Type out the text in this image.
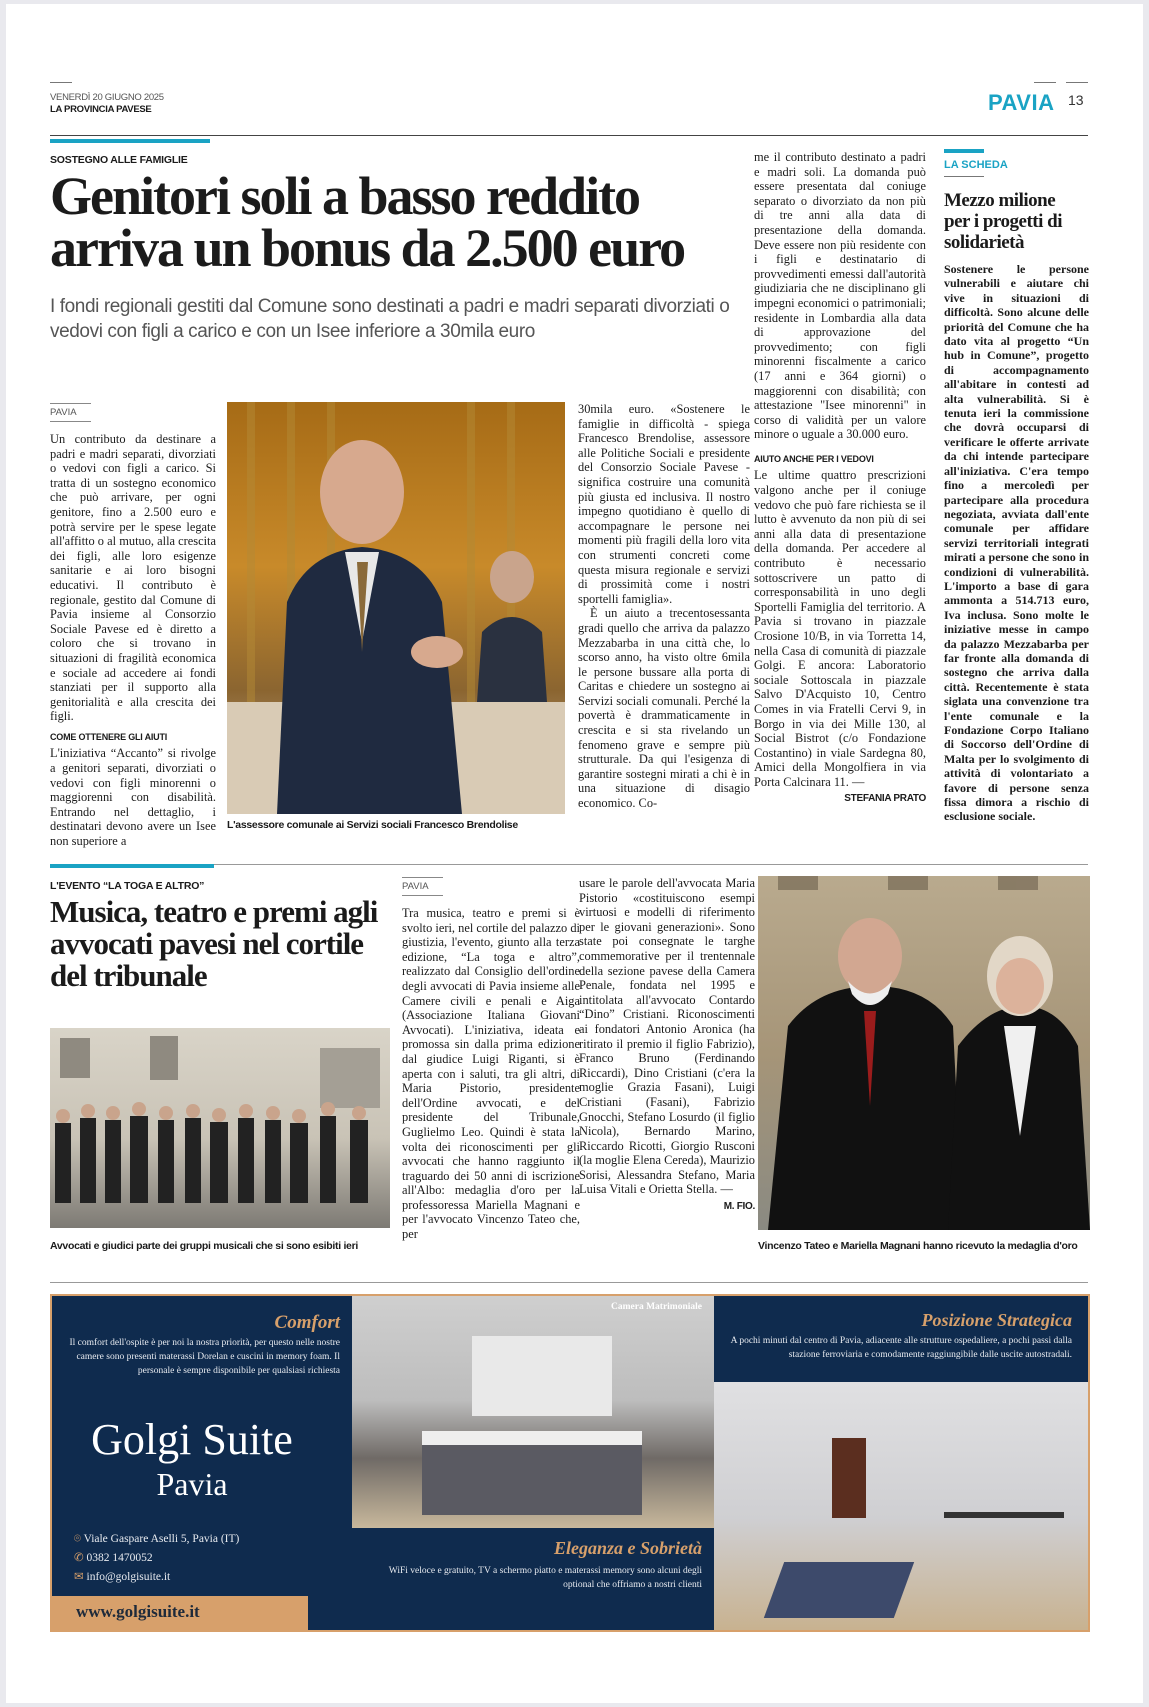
VENERDÌ 20 GIUGNO 2025
LA PROVINCIA PAVESE	PAVIA 13
SOSTEGNO ALLE FAMIGLIE
Genitori soli a basso reddito
arriva un bonus da 2.500 euro
I fondi regionali gestiti dal Comune sono destinati a padri e madri separati divorziati o vedovi con figli a carico e con un Isee inferiore a 30mila euro
PAVIA

Un contributo da destinare a padri e madri separati, divorziati o vedovi con figli a carico. Si tratta di un sostegno economico che può arrivare, per ogni genitore, fino a 2.500 euro e potrà servire per le spese legate all'affitto o al mutuo, alla crescita dei figli, alle loro esigenze sanitarie e ai loro bisogni educativi. Il contributo è regionale, gestito dal Comune di Pavia insieme al Consorzio Sociale Pavese ed è diretto a coloro che si trovano in situazioni di fragilità economica e sociale ad accedere ai fondi stanziati per il supporto alla genitorialità e alla crescita dei figli.

COME OTTENERE GLI AIUTI

L'iniziativa “Accanto” si rivolge a genitori separati, divorziati o vedovi con figli minorenni o maggiorenni con disabilità. Entrando nel dettaglio, i destinatari devono avere un Isee non superiore a

L'assessore comunale ai Servizi sociali Francesco Brendolise

30mila euro. «Sostenere le famiglie in difficoltà - spiega Francesco Brendolise, assessore alle Politiche Sociali e presidente del Consorzio Sociale Pavese - significa costruire una comunità più giusta ed inclusiva. Il nostro impegno quotidiano è quello di accompagnare le persone nei momenti più fragili della loro vita con strumenti concreti come questa misura regionale e servizi di prossimità come i nostri sportelli famiglia».

È un aiuto a trecentosessanta gradi quello che arriva da palazzo Mezzabarba in una città che, lo scorso anno, ha visto oltre 6mila le persone bussare alla porta di Caritas e chiedere un sostegno ai Servizi sociali comunali. Perché la povertà è drammaticamente in crescita e si sta rivelando un fenomeno grave e sempre più strutturale. Da qui l'esigenza di garantire sostegni mirati a chi è in una situazione di disagio economico. Co-

me il contributo destinato a padri e madri soli. La domanda può essere presentata dal coniuge separato o divorziato da non più di tre anni alla data di presentazione della domanda. Deve essere non più residente con i figli e destinatario di provvedimenti emessi dall'autorità giudiziaria che ne disciplinano gli impegni economici o patrimoniali; residente in Lombardia alla data di approvazione del provvedimento; con figli minorenni fiscalmente a carico (17 anni e 364 giorni) o maggiorenni con disabilità; con attestazione "Isee minorenni" in corso di validità per un valore minore o uguale a 30.000 euro.

AIUTO ANCHE PER I VEDOVI

Le ultime quattro prescrizioni valgono anche per il coniuge vedovo che può fare richiesta se il lutto è avvenuto da non più di sei anni alla data di presentazione della domanda. Per accedere al contributo è necessario sottoscrivere un patto di corresponsabilità in uno degli Sportelli Famiglia del territorio. A Pavia si trovano in piazzale Crosione 10/B, in via Torretta 14, nella Casa di comunità di piazzale Golgi. E ancora: Laboratorio sociale Sottoscala in piazzale Salvo D'Acquisto 10, Centro Comes in via Fratelli Cervi 9, in Borgo in via dei Mille 130, al Social Bistrot (c/o Fondazione Costantino) in viale Sardegna 80, Amici della Mongolfiera in via Porta Calcinara 11. —

STEFANIA PRATO
LA SCHEDA
Mezzo milione per i progetti di solidarietà
Sostenere le persone vulnerabili e aiutare chi vive in situazioni di difficoltà. Sono alcune delle priorità del Comune che ha dato vita al progetto “Un hub in Comune”, progetto di accompagnamento all'abitare in contesti ad alta vulnerabilità. Si è tenuta ieri la commissione che dovrà occuparsi di verificare le offerte arrivate da chi intende partecipare all'iniziativa. C'era tempo fino a mercoledì per partecipare alla procedura negoziata, avviata dall'ente comunale per affidare servizi territoriali integrati mirati a persone che sono in condizioni di vulnerabilità. L'importo a base di gara ammonta a 514.713 euro, Iva inclusa. Sono molte le iniziative messe in campo da palazzo Mezzabarba per far fronte alla domanda di sostegno che arriva dalla città. Recentemente è stata siglata una convenzione tra l'ente comunale e la Fondazione Corpo Italiano di Soccorso dell'Ordine di Malta per lo svolgimento di attività di volontariato a favore di persone senza fissa dimora a rischio di esclusione sociale.
L'EVENTO “LA TOGA E ALTRO”
Musica, teatro e premi agli avvocati pavesi nel cortile del tribunale
Avvocati e giudici parte dei gruppi musicali che si sono esibiti ieri
PAVIA
Tra musica, teatro e premi si è svolto ieri, nel cortile del palazzo di giustizia, l'evento, giunto alla terza edizione, “La toga e altro”, realizzato dal Consiglio dell'ordine degli avvocati di Pavia insieme alle Camere civili e penali e Aiga (Associazione Italiana Giovani Avvocati). L'iniziativa, ideata e promossa sin dalla prima edizione dal giudice Luigi Riganti, si è aperta con i saluti, tra gli altri, di Maria Pistorio, presidente dell'Ordine avvocati, e del presidente del Tribunale, Guglielmo Leo. Quindi è stata la volta dei riconoscimenti per gli avvocati che hanno raggiunto il traguardo dei 50 anni di iscrizione all'Albo: medaglia d'oro per la professoressa Mariella Magnani e per l'avvocato Vincenzo Tateo che, per
usare le parole dell'avvocata Maria Pistorio «costituiscono esempi virtuosi e modelli di riferimento per le giovani generazioni». Sono state poi consegnate le targhe commemorative per il trentennale della sezione pavese della Camera Penale, fondata nel 1995 e intitolata all'avvocato Contardo “Dino” Cristiani. Riconoscimenti ai fondatori Antonio Aronica (ha ritirato il premio il figlio Fabrizio), Franco Bruno (Ferdinando Riccardi), Dino Cristiani (c'era la moglie Grazia Fasani), Luigi Cristiani (Fasani), Fabrizio Gnocchi, Stefano Losurdo (il figlio Nicola), Bernardo Marino, Riccardo Ricotti, Giorgio Rusconi (la moglie Elena Cereda), Maurizio Sorisi, Alessandra Stefano, Maria Luisa Vitali e Orietta Stella. —
M. FIO.
Vincenzo Tateo e Mariella Magnani hanno ricevuto la medaglia d'oro
Comfort
Il comfort dell'ospite è per noi la nostra priorità, per questo nelle nostre camere sono presenti materassi Dorelan e cuscini in memory foam. Il personale è sempre disponibile per qualsiasi richiesta
Golgi Suite
Pavia
⌾ Viale Gaspare Aselli 5, Pavia (IT)
✆ 0382 1470052
✉ info@golgisuite.it
www.golgisuite.it
Camera Matrimoniale
Eleganza e Sobrietà
WiFi veloce e gratuito, TV a schermo piatto e materassi memory sono alcuni degli optional che offriamo a nostri clienti
Posizione Strategica
A pochi minuti dal centro di Pavia, adiacente alle strutture ospedaliere, a pochi passi dalla stazione ferroviaria e comodamente raggiungibile dalle uscite autostradali.
